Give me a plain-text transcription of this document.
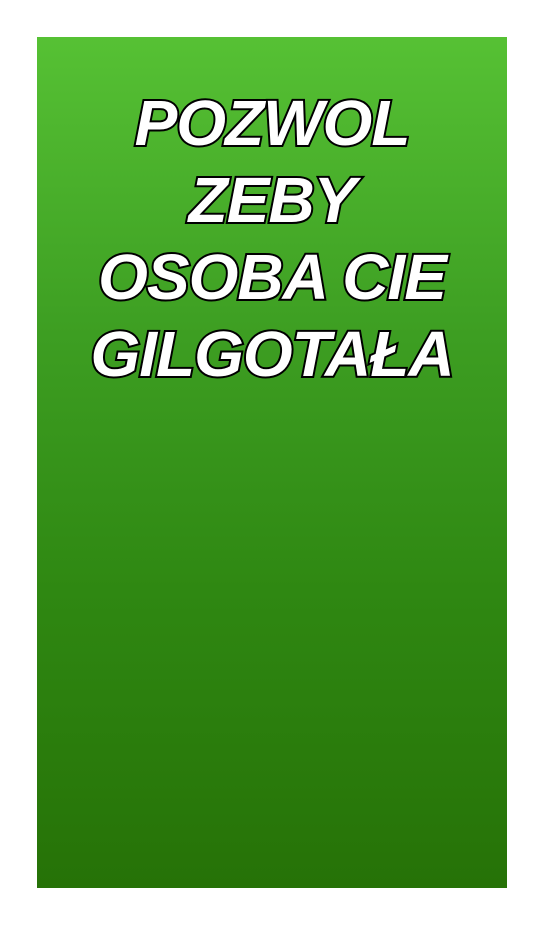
POZWOL
ZEBY
OSOBA CIE
GILGOTAŁA
